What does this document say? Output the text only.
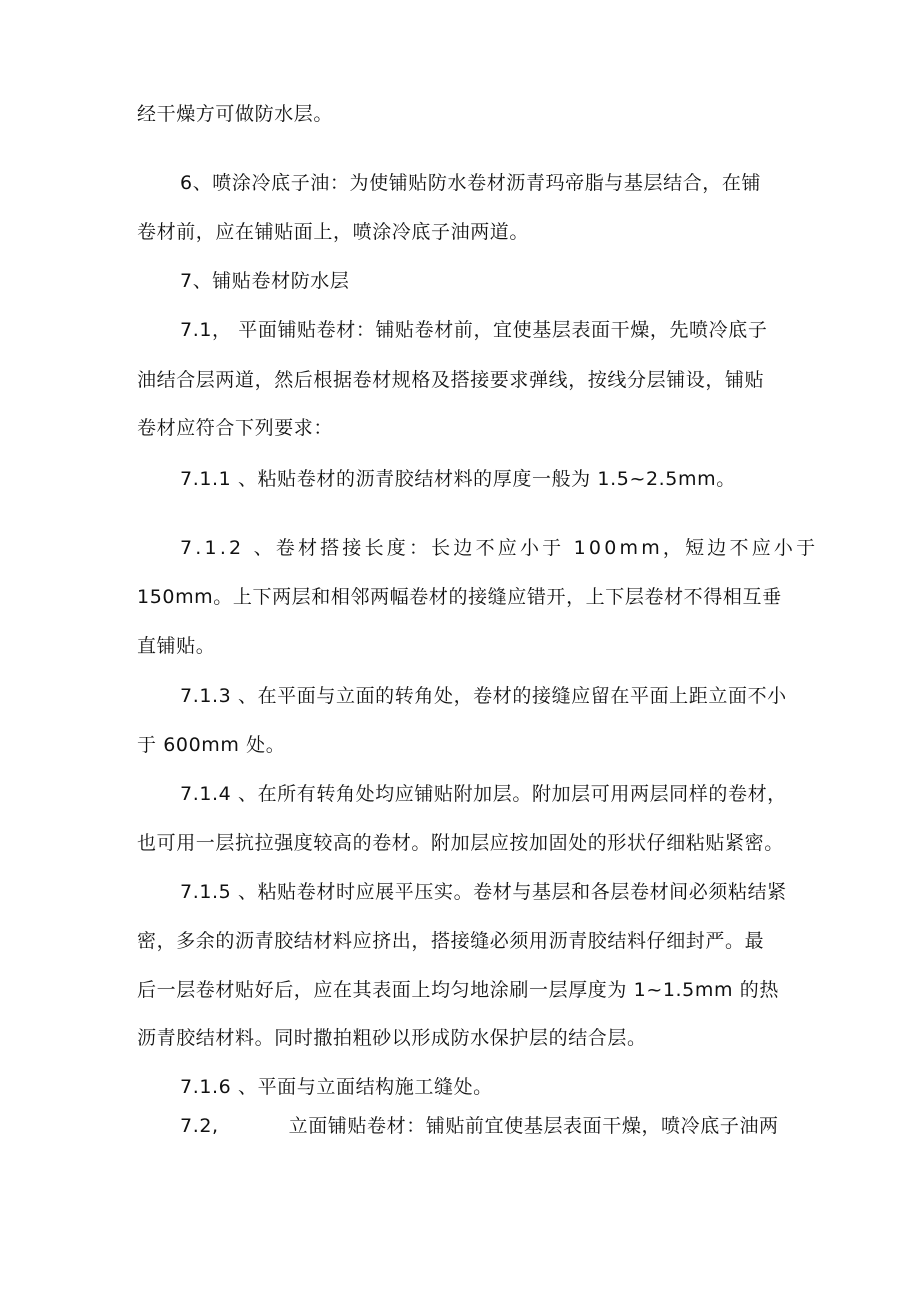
经干燥方可做防水层。
6、喷涂冷底子油：为使铺贴防水卷材沥青玛帝脂与基层结合，在铺
卷材前，应在铺贴面上，喷涂冷底子油两道。
7、铺贴卷材防水层
7.1， 平面铺贴卷材：铺贴卷材前，宜使基层表面干燥，先喷冷底子
油结合层两道，然后根据卷材规格及搭接要求弹线，按线分层铺设，铺贴
卷材应符合下列要求：
7.1.1 、粘贴卷材的沥青胶结材料的厚度一般为 1.5~2.5mm。
7.1.2 、卷材搭接长度：长边不应小于 100mm，短边不应小于
150mm。上下两层和相邻两幅卷材的接缝应错开，上下层卷材不得相互垂
直铺贴。
7.1.3 、在平面与立面的转角处，卷材的接缝应留在平面上距立面不小
于 600mm 处。
7.1.4 、在所有转角处均应铺贴附加层。附加层可用两层同样的卷材，
也可用一层抗拉强度较高的卷材。附加层应按加固处的形状仔细粘贴紧密。
7.1.5 、粘贴卷材时应展平压实。卷材与基层和各层卷材间必须粘结紧
密，多余的沥青胶结材料应挤出，搭接缝必须用沥青胶结料仔细封严。最
后一层卷材贴好后，应在其表面上均匀地涂刷一层厚度为 1~1.5mm 的热
沥青胶结材料。同时撒拍粗砂以形成防水保护层的结合层。
7.1.6 、平面与立面结构施工缝处。
7.2,	立面铺贴卷材：铺贴前宜使基层表面干燥，喷冷底子油两
